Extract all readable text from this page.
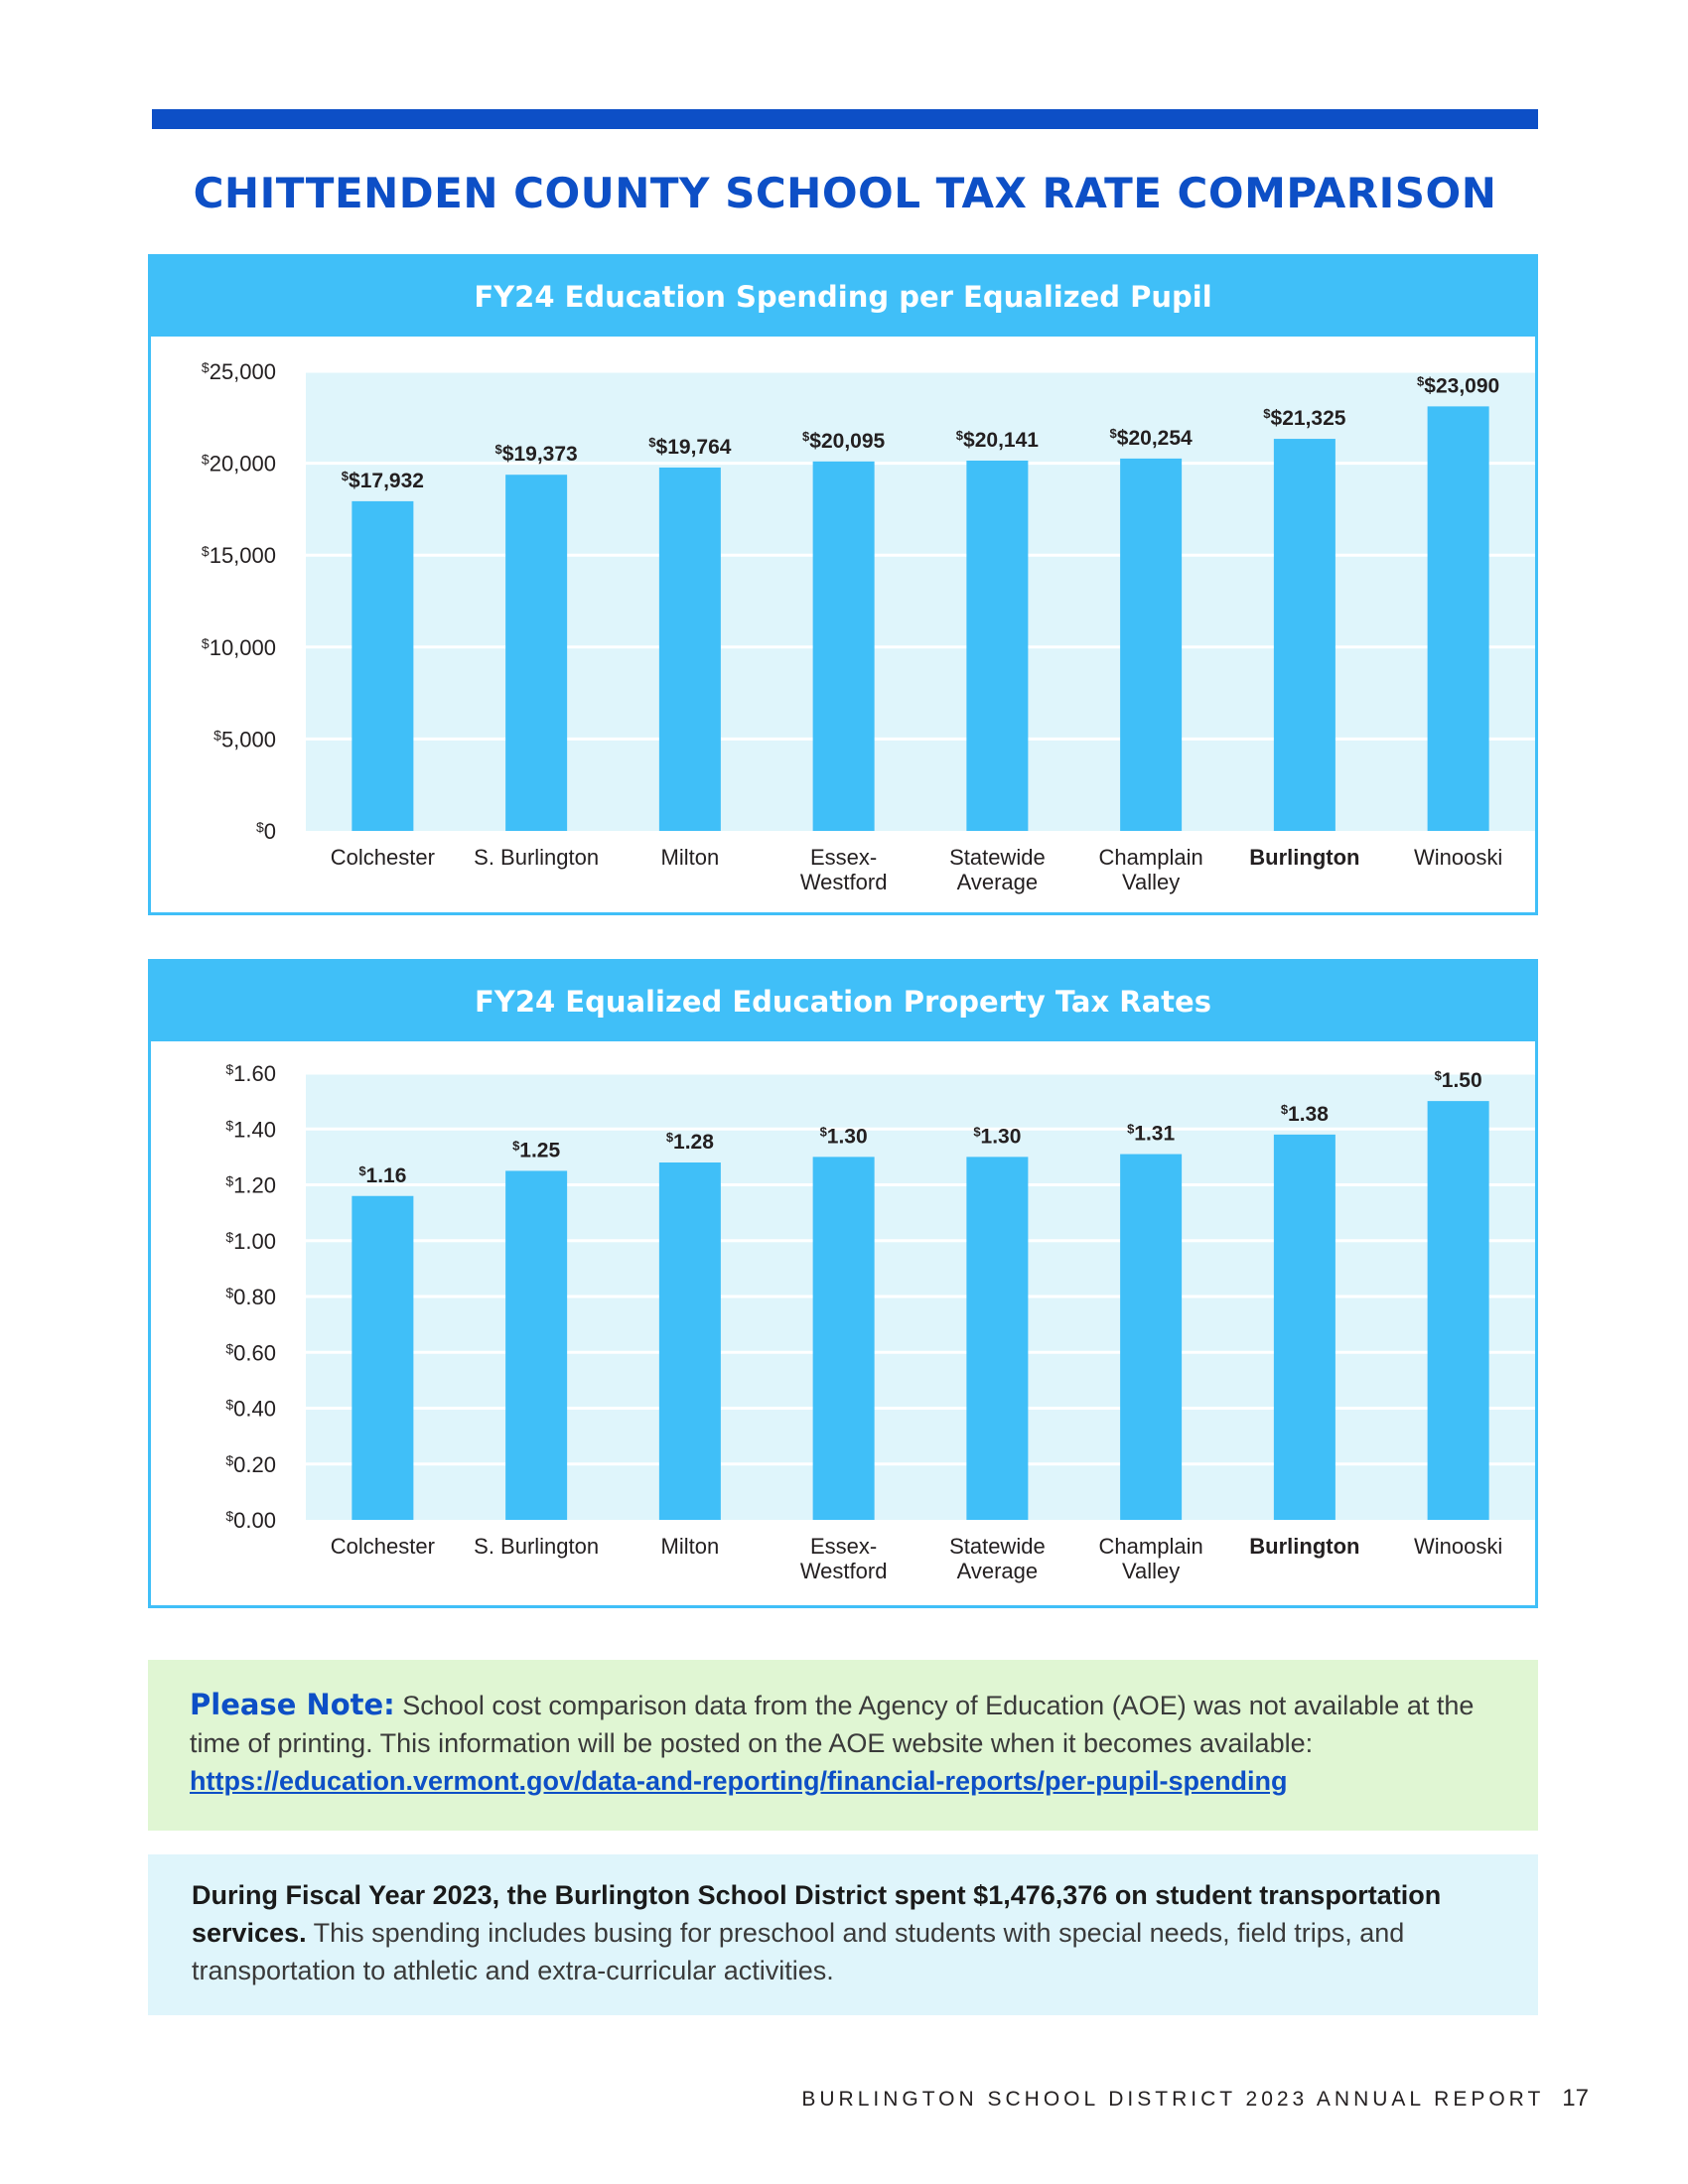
CHITTENDEN COUNTY SCHOOL TAX RATE COMPARISON
FY24 Education Spending per Equalized Pupil
$0
$5,000
$10,000
$15,000
$20,000
$25,000
$$17,932
Colchester
$$19,373
S. Burlington
$$19,764
Milton
$$20,095
Essex-
Westford
$$20,141
Statewide
Average
$$20,254
Champlain
Valley
$$21,325
Burlington
$$23,090
Winooski
FY24 Equalized Education Property Tax Rates
$0.00
$0.20
$0.40
$0.60
$0.80
$1.00
$1.20
$1.40
$1.60
$1.16
Colchester
$1.25
S. Burlington
$1.28
Milton
$1.30
Essex-
Westford
$1.30
Statewide
Average
$1.31
Champlain
Valley
$1.38
Burlington
$1.50
Winooski
Please Note: School cost comparison data from the Agency of Education (AOE) was not available at the time of printing. This information will be posted on the AOE website when it becomes available:
https://education.vermont.gov/data-and-reporting/financial-reports/per-pupil-spending
During Fiscal Year 2023, the Burlington School District spent $1,476,376 on student transportation services. This spending includes busing for preschool and students with special needs, field trips, and transportation to athletic and extra-curricular activities.
BURLINGTON SCHOOL DISTRICT 2023 ANNUAL REPORT 17
